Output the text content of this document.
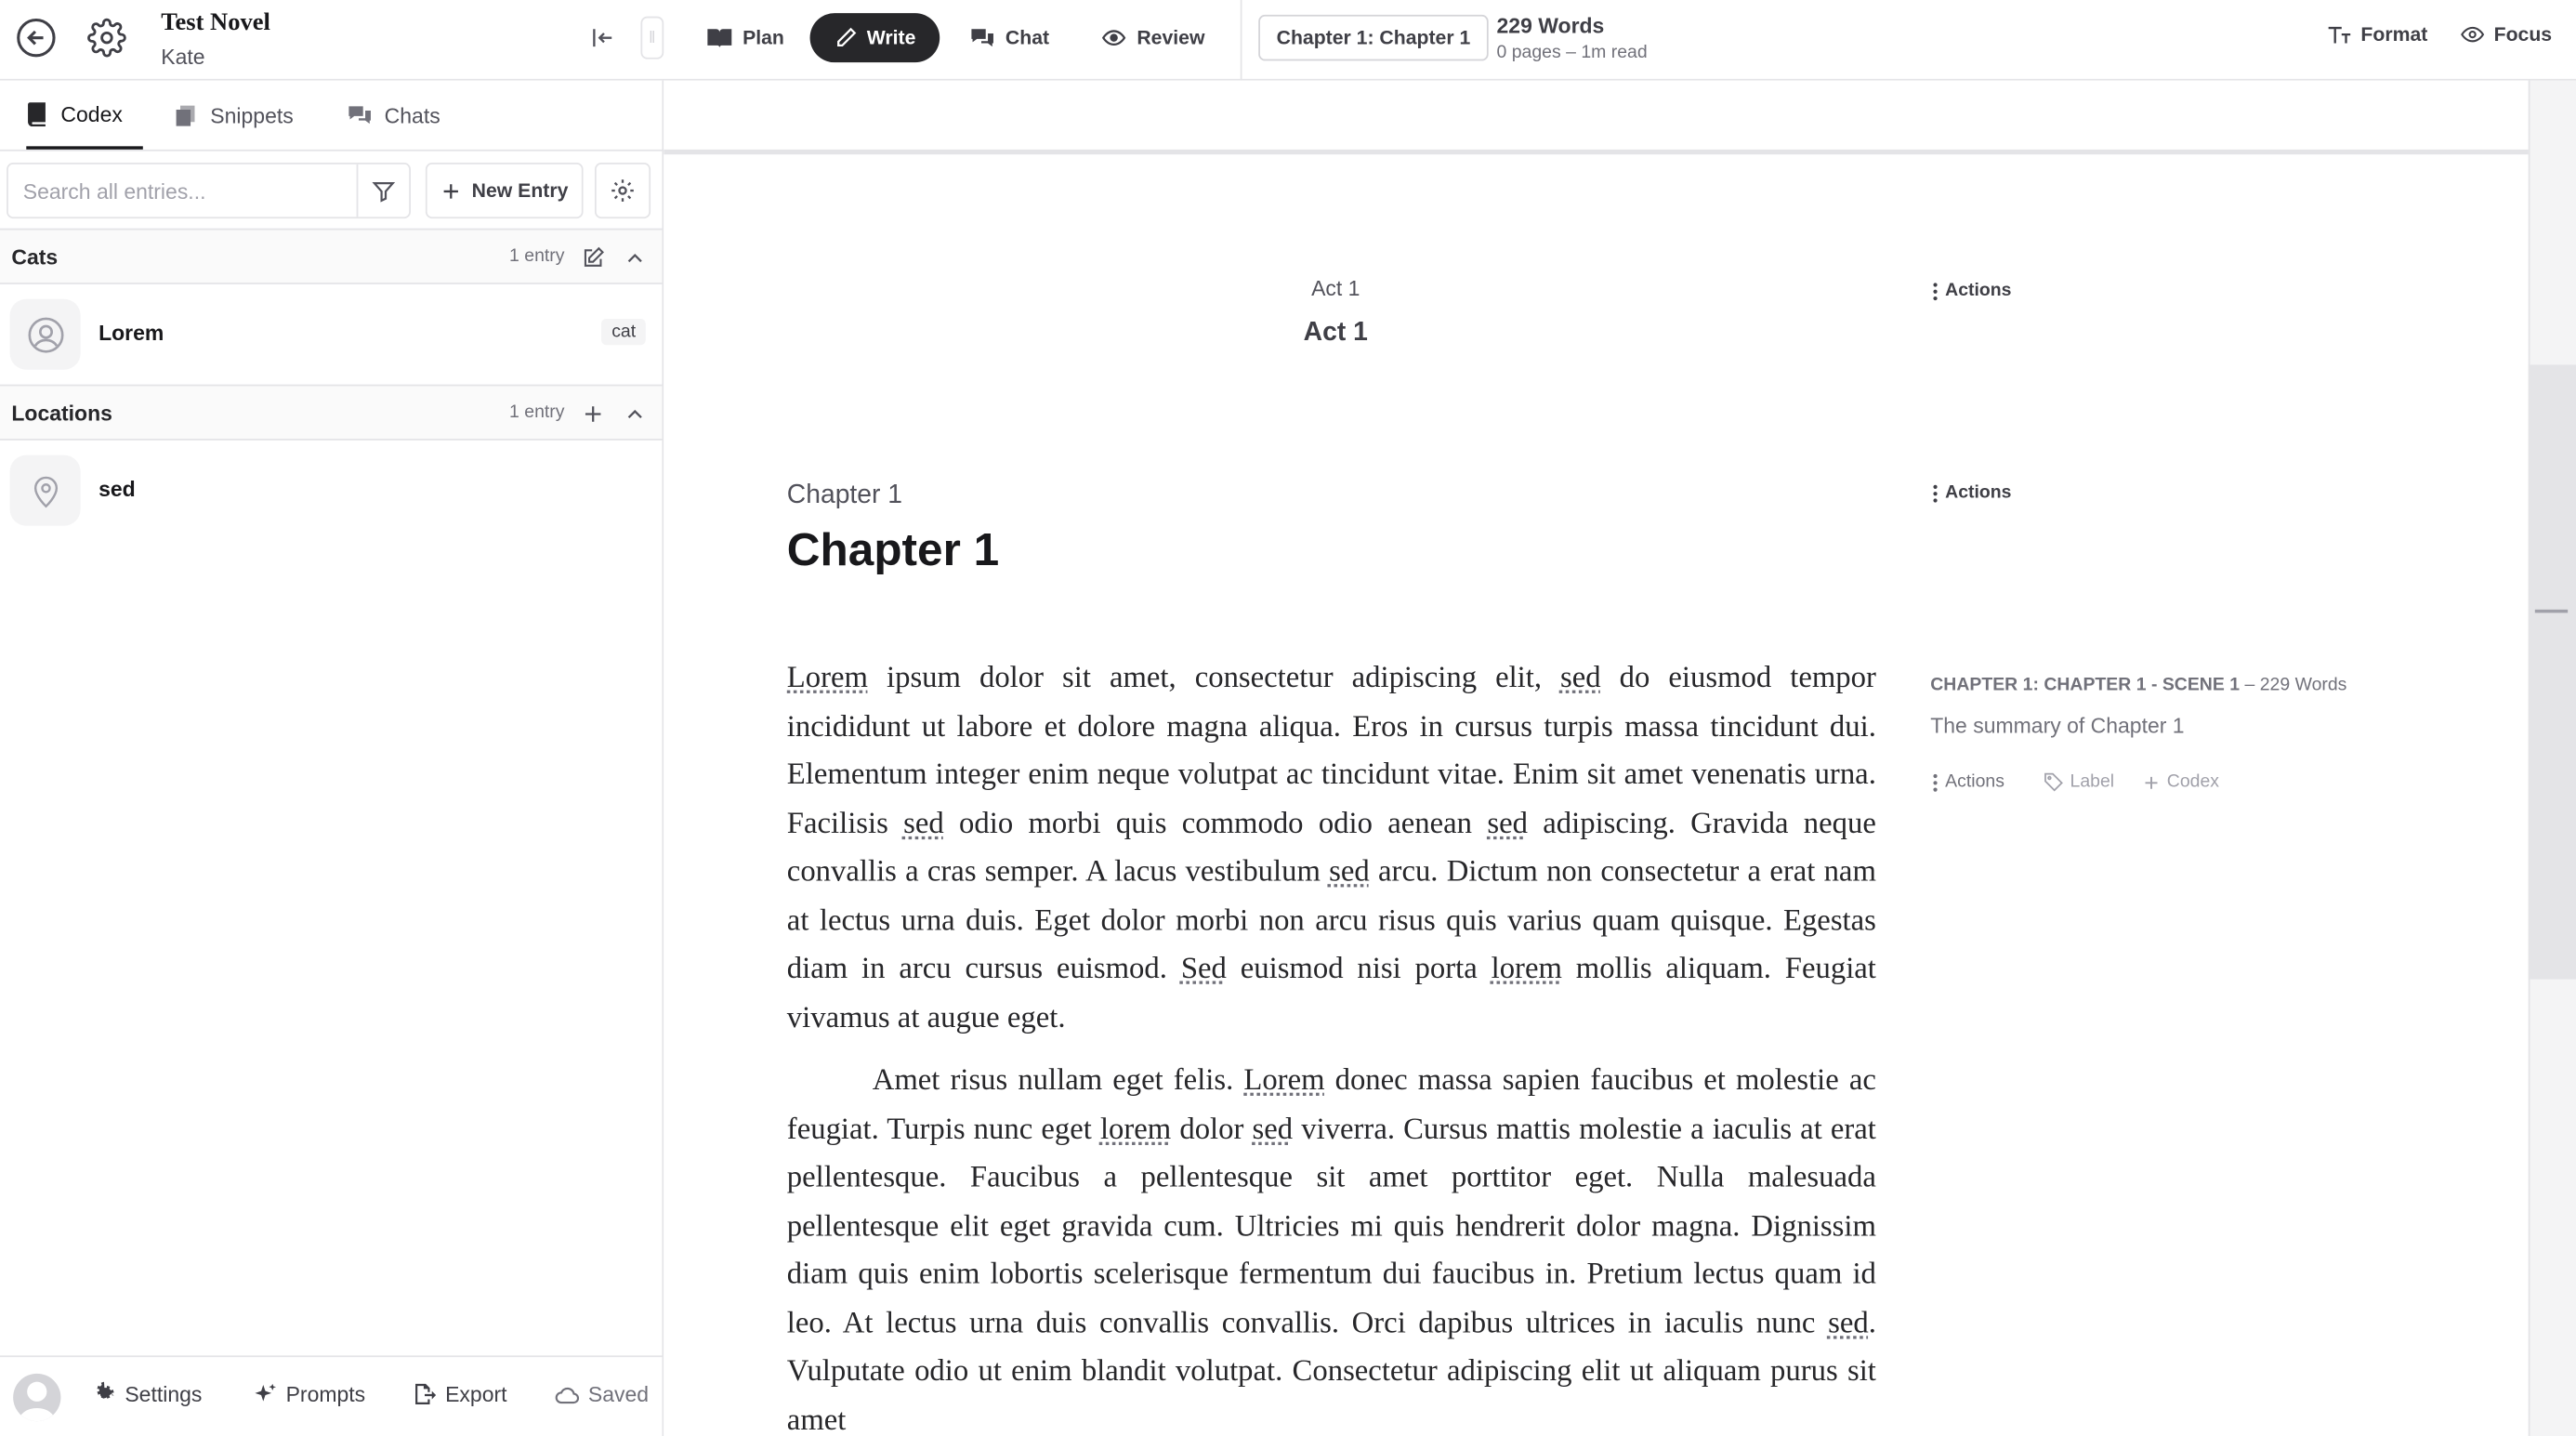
Test Novel
Kate
‖	Plan	Write	Chat	Review	Chapter 1: Chapter 1	229 Words
0 pages – 1m read
Format	Focus
Codex	Snippets	Chats
Search all entries...
New Entry
Cats	1 entry
Lorem	cat
Locations	1 entry
sed
Settings	Prompts	Export	Saved
Act 1
Act 1
Actions
Chapter 1
Chapter 1
Actions

Lorem ipsum dolor sit amet, consectetur adipiscing elit, sed do eiusmod tempor incididunt ut labore et dolore magna aliqua. Eros in cursus turpis massa tincidunt dui. Elementum integer enim neque volutpat ac tincidunt vitae. Enim sit amet venenatis urna. Facilisis sed odio morbi quis commodo odio aenean sed adipiscing. Gravida neque convallis a cras semper. A lacus vestibulum sed arcu. Dictum non consectetur a erat nam at lectus urna duis. Eget dolor morbi non arcu risus quis varius quam quisque. Egestas diam in arcu cursus euismod. Sed euismod nisi porta lorem mollis aliquam. Feugiat vivamus at augue eget.

Amet risus nullam eget felis. Lorem donec massa sapien faucibus et molestie ac feugiat. Turpis nunc eget lorem dolor sed viverra. Cursus mattis molestie a iaculis at erat pellentesque. Faucibus a pellentesque sit amet porttitor eget. Nulla malesuada pellentesque elit eget gravida cum. Ultricies mi quis hendrerit dolor magna. Dignissim diam quis enim lobortis scelerisque fermentum dui faucibus in. Pretium lectus quam id leo. At lectus urna duis convallis convallis. Orci dapibus ultrices in iaculis nunc sed. Vulputate odio ut enim blandit volutpat. Consectetur adipiscing elit ut aliquam purus sit amet

CHAPTER 1: CHAPTER 1 - SCENE 1 – 229 Words
The summary of Chapter 1
Actions	Label	Codex
